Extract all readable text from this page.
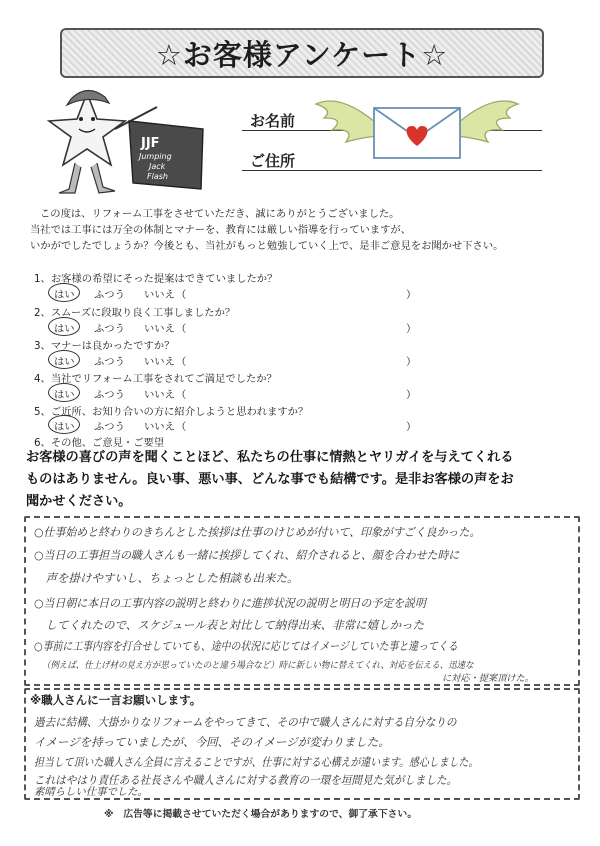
☆お客様アンケート☆
JJF
Jumping
Jack
Flash
お名前
ご住所
この度は、リフォーム工事をさせていただき、誠にありがとうございました。
当社では工事には万全の体制とマナーを、教育には厳しい指導を行っていますが、
いかがでしたでしょうか？今後とも、当社がもっと勉強していく上で、是非ご意見をお聞かせ下さい。
1、お客様の希望にそった提案はできていましたか？
はい ふつう いいえ （	）
2、スムーズに段取り良く工事しましたか？
はい ふつう いいえ （	）
3、マナーは良かったですか？
はい ふつう いいえ （	）
4、当社でリフォーム工事をされてご満足でしたか？
はい ふつう いいえ （	）
5、ご近所、お知り合いの方に紹介しようと思われますか？
はい ふつう いいえ （	）
6、その他、ご意見・ご要望
お客様の喜びの声を聞くことほど、私たちの仕事に情熱とヤリガイを与えてくれる
ものはありません。良い事、悪い事、どんな事でも結構です。是非お客様の声をお
聞かせください。
○仕事始めと終わりのきちんとした挨拶は仕事のけじめが付いて、印象がすごく良かった。
○当日の工事担当の職人さんも一緒に挨拶してくれ、紹介されると、顔を合わせた時に
　声を掛けやすいし、ちょっとした相談も出来た。
○当日朝に本日の工事内容の説明と終わりに進捗状況の説明と明日の予定を説明
　してくれたので、スケジュール表と対比して納得出来、非常に嬉しかった
○事前に工事内容を打合せしていても、途中の状況に応じてはイメージしていた事と違ってくる
（例えば、仕上げ材の見え方が思っていたのと違う場合など）時に新しい物に替えてくれ、対応を伝える、迅速な
に対応・提案頂けた。
※職人さんに一言お願いします。
過去に結構、大掛かりなリフォームをやってきて、その中で職人さんに対する自分なりの
イメージを持っていましたが、今回、そのイメージが変わりました。
担当して頂いた職人さん全員に言えることですが、仕事に対する心構えが違います。感心しました。
これはやはり責任ある社長さんや職人さんに対する教育の一環を垣間見た気がしました。
素晴らしい仕事でした。
※　広告等に掲載させていただく場合がありますので、御了承下さい。
